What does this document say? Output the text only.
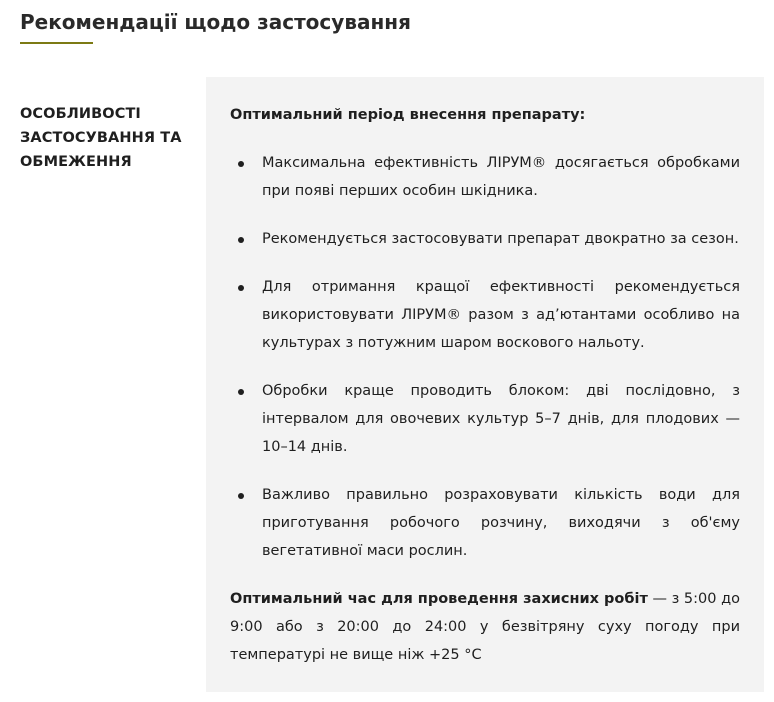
Рекомендації щодо застосування

ОСОБЛИВОСТІ ЗАСТОСУВАННЯ ТА ОБМЕЖЕННЯ

Оптимальний період внесення препарату:

Максимальна ефективність ЛІРУМ® досягається обробками при появі перших особин шкідника.
Рекомендується застосовувати препарат двократно за сезон.
Для отримання кращої ефективності рекомендується використовувати ЛІРУМ® разом з ад’ютантами особливо на культурах з потужним шаром воскового нальоту.
Обробки краще проводить блоком: дві послідовно, з інтервалом для овочевих культур 5–7 днів, для плодових — 10–14 днів.
Важливо правильно розраховувати кількість води для приготування робочого розчину, виходячи з об'єму вегетативної маси рослин.

Оптимальний час для проведення захисних робіт — з 5:00 до 9:00 або з 20:00 до 24:00 у безвітряну суху погоду при температурі не вище ніж +25 °С
